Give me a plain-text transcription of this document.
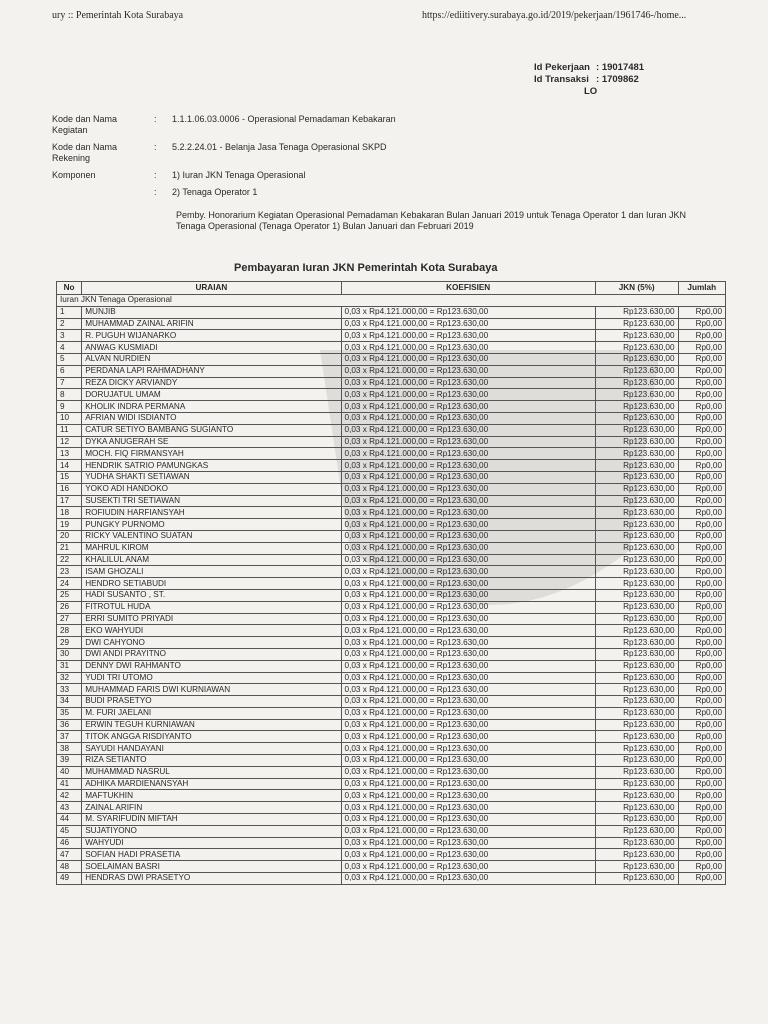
ury :: Pemerintah Kota Surabaya	https://ediitivery.surabaya.go.id/2019/pekerjaan/1961746-/home...
Id Pekerjaan : 19017481
Id Transaksi : 1709862
LO
Kode dan Nama Kegiatan
:	1.1.1.06.03.0006 - Operasional Pemadaman Kebakaran
Kode dan Nama Rekening
:	5.2.2.24.01 - Belanja Jasa Tenaga Operasional SKPD
Komponen	:	1) Iuran JKN Tenaga Operasional
:	2) Tenaga Operator 1
Pemby. Honorarium Kegiatan Operasional Pemadaman Kebakaran Bulan Januari 2019 untuk Tenaga Operator 1 dan Iuran JKN Tenaga Operasional (Tenaga Operator 1) Bulan Januari dan Februari 2019
Pembayaran Iuran JKN Pemerintah Kota Surabaya
No	URAIAN	KOEFISIEN	JKN (5%)	Jumlah
Iuran JKN Tenaga Operasional				
1	MUNJIB	0,03 x Rp4.121.000,00 = Rp123.630,00	Rp123.630,00	Rp0,00
2	MUHAMMAD ZAINAL ARIFIN	0,03 x Rp4.121.000,00 = Rp123.630,00	Rp123.630,00	Rp0,00
3	R. PUGUH WIJANARKO	0,03 x Rp4.121.000,00 = Rp123.630,00	Rp123.630,00	Rp0,00
4	ANWAG KUSMIADI	0,03 x Rp4.121.000,00 = Rp123.630,00	Rp123.630,00	Rp0,00
5	ALVAN NURDIEN	0,03 x Rp4.121.000,00 = Rp123.630,00	Rp123.630,00	Rp0,00
6	PERDANA LAPI RAHMADHANY	0,03 x Rp4.121.000,00 = Rp123.630,00	Rp123.630,00	Rp0,00
7	REZA DICKY ARVIANDY	0,03 x Rp4.121.000,00 = Rp123.630,00	Rp123.630,00	Rp0,00
8	DORUJATUL UMAM	0,03 x Rp4.121.000,00 = Rp123.630,00	Rp123.630,00	Rp0,00
9	KHOLIK INDRA PERMANA	0,03 x Rp4.121.000,00 = Rp123.630,00	Rp123.630,00	Rp0,00
10	AFRIAN WIDI ISDIANTO	0,03 x Rp4.121.000,00 = Rp123.630,00	Rp123.630,00	Rp0,00
11	CATUR SETIYO BAMBANG SUGIANTO	0,03 x Rp4.121.000,00 = Rp123.630,00	Rp123.630,00	Rp0,00
12	DYKA ANUGERAH SE	0,03 x Rp4.121.000,00 = Rp123.630,00	Rp123.630,00	Rp0,00
13	MOCH. FIQ FIRMANSYAH	0,03 x Rp4.121.000,00 = Rp123.630,00	Rp123.630,00	Rp0,00
14	HENDRIK SATRIO PAMUNGKAS	0,03 x Rp4.121.000,00 = Rp123.630,00	Rp123.630,00	Rp0,00
15	YUDHA SHAKTI SETIAWAN	0,03 x Rp4.121.000,00 = Rp123.630,00	Rp123.630,00	Rp0,00
16	YOKO ADI HANDOKO	0,03 x Rp4.121.000,00 = Rp123.630,00	Rp123.630,00	Rp0,00
17	SUSEKTI TRI SETIAWAN	0,03 x Rp4.121.000,00 = Rp123.630,00	Rp123.630,00	Rp0,00
18	ROFIUDIN HARFIANSYAH	0,03 x Rp4.121.000,00 = Rp123.630,00	Rp123.630,00	Rp0,00
19	PUNGKY PURNOMO	0,03 x Rp4.121.000,00 = Rp123.630,00	Rp123.630,00	Rp0,00
20	RICKY VALENTINO SUATAN	0,03 x Rp4.121.000,00 = Rp123.630,00	Rp123.630,00	Rp0,00
21	MAHRUL KIROM	0,03 x Rp4.121.000,00 = Rp123.630,00	Rp123.630,00	Rp0,00
22	KHALILUL ANAM	0,03 x Rp4.121.000,00 = Rp123.630,00	Rp123.630,00	Rp0,00
23	ISAM GHOZALI	0,03 x Rp4.121.000,00 = Rp123.630,00	Rp123.630,00	Rp0,00
24	HENDRO SETIABUDI	0,03 x Rp4.121.000,00 = Rp123.630,00	Rp123.630,00	Rp0,00
25	HADI SUSANTO , ST.	0,03 x Rp4.121.000,00 = Rp123.630,00	Rp123.630,00	Rp0,00
26	FITROTUL HUDA	0,03 x Rp4.121.000,00 = Rp123.630,00	Rp123.630,00	Rp0,00
27	ERRI SUMITO PRIYADI	0,03 x Rp4.121.000,00 = Rp123.630,00	Rp123.630,00	Rp0,00
28	EKO WAHYUDI	0,03 x Rp4.121.000,00 = Rp123.630,00	Rp123.630,00	Rp0,00
29	DWI CAHYONO	0,03 x Rp4.121.000,00 = Rp123.630,00	Rp123.630,00	Rp0,00
30	DWI ANDI PRAYITNO	0,03 x Rp4.121.000,00 = Rp123.630,00	Rp123.630,00	Rp0,00
31	DENNY DWI RAHMANTO	0,03 x Rp4.121.000,00 = Rp123.630,00	Rp123.630,00	Rp0,00
32	YUDI TRI UTOMO	0,03 x Rp4.121.000,00 = Rp123.630,00	Rp123.630,00	Rp0,00
33	MUHAMMAD FARIS DWI KURNIAWAN	0,03 x Rp4.121.000,00 = Rp123.630,00	Rp123.630,00	Rp0,00
34	BUDI PRASETYO	0,03 x Rp4.121.000,00 = Rp123.630,00	Rp123.630,00	Rp0,00
35	M. FURI JAELANI	0,03 x Rp4.121.000,00 = Rp123.630,00	Rp123.630,00	Rp0,00
36	ERWIN TEGUH KURNIAWAN	0,03 x Rp4.121.000,00 = Rp123.630,00	Rp123.630,00	Rp0,00
37	TITOK ANGGA RISDIYANTO	0,03 x Rp4.121.000,00 = Rp123.630,00	Rp123.630,00	Rp0,00
38	SAYUDI HANDAYANI	0,03 x Rp4.121.000,00 = Rp123.630,00	Rp123.630,00	Rp0,00
39	RIZA SETIANTO	0,03 x Rp4.121.000,00 = Rp123.630,00	Rp123.630,00	Rp0,00
40	MUHAMMAD NASRUL	0,03 x Rp4.121.000,00 = Rp123.630,00	Rp123.630,00	Rp0,00
41	ADHIKA MARDIENANSYAH	0,03 x Rp4.121.000,00 = Rp123.630,00	Rp123.630,00	Rp0,00
42	MAFTUKHIN	0,03 x Rp4.121.000,00 = Rp123.630,00	Rp123.630,00	Rp0,00
43	ZAINAL ARIFIN	0,03 x Rp4.121.000,00 = Rp123.630,00	Rp123.630,00	Rp0,00
44	M. SYARIFUDIN MIFTAH	0,03 x Rp4.121.000,00 = Rp123.630,00	Rp123.630,00	Rp0,00
45	SUJATIYONO	0,03 x Rp4.121.000,00 = Rp123.630,00	Rp123.630,00	Rp0,00
46	WAHYUDI	0,03 x Rp4.121.000,00 = Rp123.630,00	Rp123.630,00	Rp0,00
47	SOFIAN HADI PRASETIA	0,03 x Rp4.121.000,00 = Rp123.630,00	Rp123.630,00	Rp0,00
48	SOELAIMAN BASRI	0,03 x Rp4.121.000,00 = Rp123.630,00	Rp123.630,00	Rp0,00
49	HENDRAS DWI PRASETYO	0,03 x Rp4.121.000,00 = Rp123.630,00	Rp123.630,00	Rp0,00
